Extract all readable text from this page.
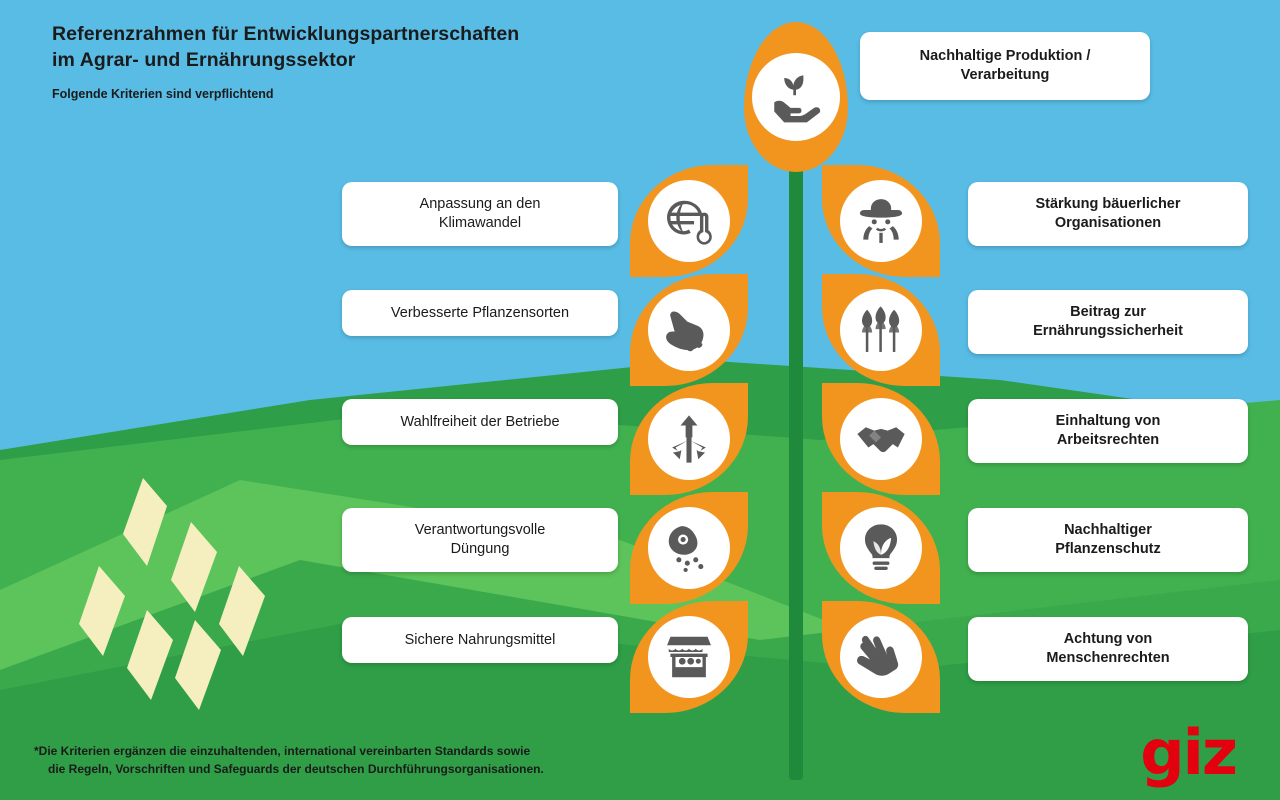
Referenzrahmen für Entwicklungspartnerschaften
im Agrar- und Ernährungssektor
Folgende Kriterien sind verpflichtend
Nachhaltige Produktion /
Verarbeitung
Anpassung an den
Klimawandel
Stärkung bäuerlicher
Organisationen
Verbesserte Pflanzensorten	Beitrag zur
Ernährungssicherheit
Wahlfreiheit der Betriebe	Einhaltung von
Arbeitsrechten
Verantwortungsvolle
Düngung
Nachhaltiger
Pflanzenschutz
Sichere Nahrungsmittel	Achtung von
Menschenrechten
*Die Kriterien ergänzen die einzuhaltenden, international vereinbarten Standards sowie
die Regeln, Vorschriften und Safeguards der deutschen Durchführungsorganisationen.	giz
